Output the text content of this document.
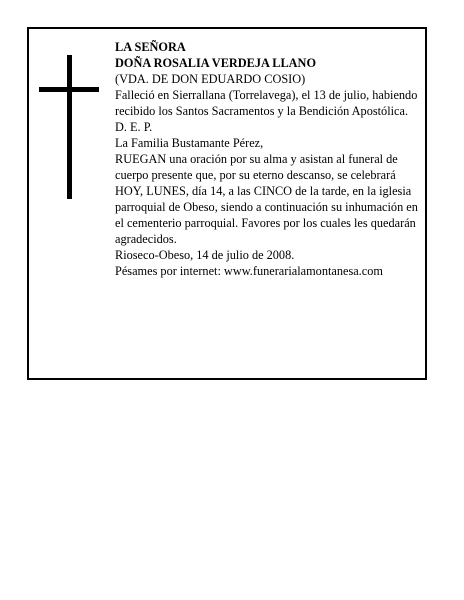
LA SEÑORA

DOÑA ROSALIA VERDEJA LLANO

(VDA. DE DON EDUARDO COSIO)

Falleció en Sierrallana (Torrelavega), el 13 de julio, habiendo recibido los Santos Sacramentos y la Bendición Apostólica.

D. E. P.

La Familia Bustamante Pérez,

RUEGAN una oración por su alma y asistan al funeral de cuerpo presente que, por su eterno descanso, se celebrará HOY, LUNES, día 14, a las CINCO de la tarde, en la iglesia parroquial de Obeso, siendo a continuación su inhumación en el cementerio parroquial. Favores por los cuales les quedarán agradecidos.

Rioseco-Obeso, 14 de julio de 2008.

Pésames por internet: www.funerarialamontanesa.com
